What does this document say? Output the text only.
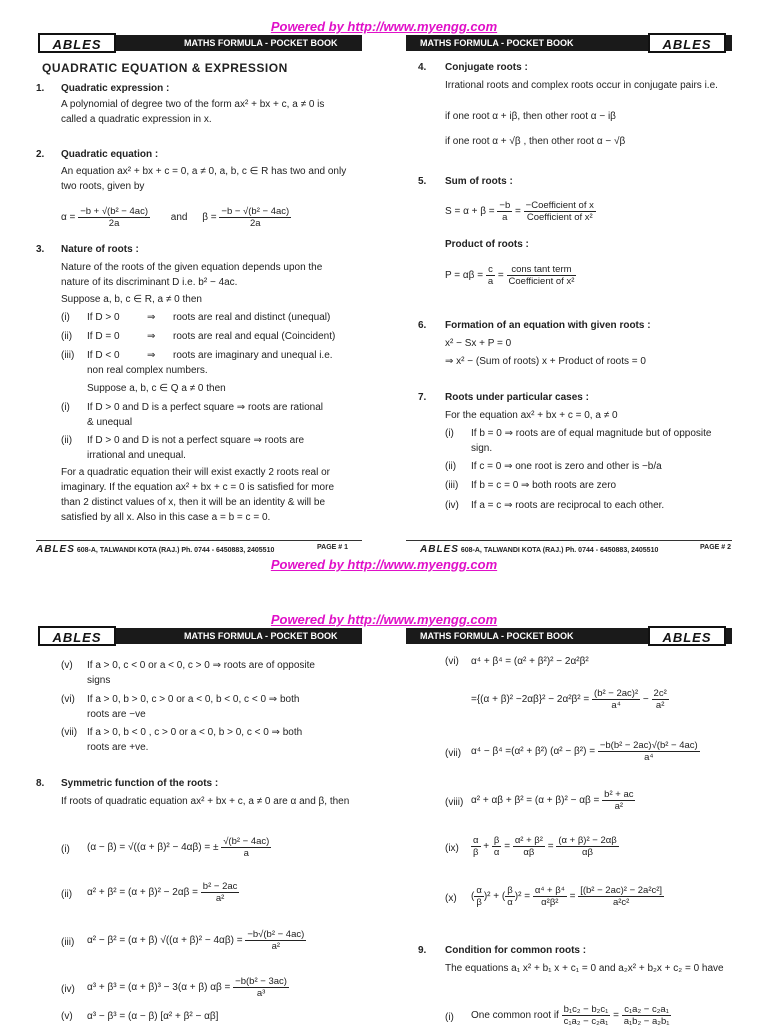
Powered by http://www.myengg.com
MATHS FORMULA - POCKET BOOK
ABLES	MATHS FORMULA - POCKET BOOK	ABLES
QUADRATIC EQUATION & EXPRESSION
1. Quadratic expression :
A polynomial of degree two of the form ax² + bx + c, a ≠ 0 is called a quadratic expression in x.
2. Quadratic equation :
An equation ax² + bx + c = 0, a ≠ 0, a, b, c ∈ R has two and only two roots, given by
$\alpha = \frac{\text{−b + √(b² − 4ac)}}{2a}$ and $\beta = \frac{\text{−b − √(b² − 4ac)}}{2a}$
3. Nature of roots :
Nature of the roots of the given equation depends upon the nature of its discriminant D i.e. b² − 4ac.
Suppose a, b, c ∈ R, a ≠ 0 then
(i) If D > 0	⇒ roots are real and distinct (unequal)
(ii) If D = 0	⇒ roots are real and equal (Coincident)
(iii) If D < 0	⇒ roots are imaginary and unequal i.e.
non real complex numbers.
Suppose a, b, c ∈ Q a ≠ 0 then
(i) If D > 0 and D is a perfect square ⇒ roots are rational
& unequal
(ii) If D > 0 and D is not a perfect square ⇒ roots are
irrational and unequal.
For a quadratic equation their will exist exactly 2 roots real or imaginary. If the equation ax² + bx + c = 0 is satisfied for more than 2 distinct values of x, then it will be an identity & will be satisfied by all x. Also in this case a = b = c = 0.
4. Conjugate roots :
Irrational roots and complex roots occur in conjugate pairs i.e.
if one root α + iβ, then other root α − iβ
if one root α + √β , then other root α − √β
5. Sum of roots :
$S = \alpha + \beta = \frac{-b}{a} = \frac{\text{−Coefficient of x}}{\text{Coefficient of x²}}$
Product of roots :
$P = \alpha\beta = \frac{c}{a} = \frac{\text{cons tant term}}{\text{Coefficient of x²}}$
6. Formation of an equation with given roots :
x² − Sx + P = 0
⇒ x² − (Sum of roots) x + Product of roots = 0
7. Roots under particular cases :
For the equation ax² + bx + c = 0, a ≠ 0
(i) If b = 0 ⇒ roots are of equal magnitude but of opposite
sign.
(ii) If c = 0 ⇒ one root is zero and other is −b/a
(iii) If b = c = 0 ⇒ both roots are zero
(iv) If a = c ⇒ roots are reciprocal to each other.
ABLES 608-A, TALWANDI KOTA (RAJ.) Ph. 0744 - 6450883, 2405510	PAGE # 1	ABLES 608-A, TALWANDI KOTA (RAJ.) Ph. 0744 - 6450883, 2405510	PAGE # 2
Powered by http://www.myengg.com
Powered by http://www.myengg.com
MATHS FORMULA - POCKET BOOK
ABLES	MATHS FORMULA - POCKET BOOK	ABLES
(v) If a > 0, c < 0 or a < 0, c > 0 ⇒ roots are of opposite
signs
(vi) If a > 0, b > 0, c > 0 or a < 0, b < 0, c < 0 ⇒ both
roots are −ve
(vii) If a > 0, b < 0 , c > 0 or a < 0, b > 0, c < 0 ⇒ both
roots are +ve.
8. Symmetric function of the roots :
If roots of quadratic equation ax² + bx + c, a ≠ 0 are α and β, then
(i) (α − β) = √((α + β)² − 4αβ) = ± $\frac{\text{√(b² − 4ac)}}{a}$
(ii) $\alpha^2 + \beta^2 = (\alpha + \beta)^2 - 2\alpha\beta = \frac{\text{b² − 2ac}}{\text{a²}}$
(iii) α² − β² = (α + β) $√((\alpha + \beta)^2 - 4\alpha\beta) = \frac{\text{−b√(b² − 4ac)}}{\text{a²}}$
(iv) α³ + β³ = (α + β)³ − 3(α + β) $\alpha\beta = \frac{\text{−b(b² − 3ac)}}{\text{a³}}$
(v) α³ − β³ = (α − β) [α² + β² − αβ]
(vi) α⁴ + β⁴ = (α² + β²)² − 2α²β²
$=\{(\alpha + \beta)^2 -2\alpha\beta\}^2 - 2\alpha^2\beta^2 = \frac{\text{(b² − 2ac)²}}{\text{a⁴}} - \frac{\text{2c²}}{\text{a²}}$
(vii) α⁴ − β⁴ =(α² + β²) $(\alpha^2 - \beta^2) = \frac{\text{−b(b² − 2ac)√(b² − 4ac)}}{\text{a⁴}}$
(viii) $\alpha^2 + \alpha\beta + \beta^2 = (\alpha + \beta)^2 - \alpha\beta = \frac{\text{b² + ac}}{\text{a²}}$
$(ix) \frac{\alpha}{\beta} + \frac{\beta}{\alpha} = \frac{\text{α² + β²}}{\alpha\beta} = \frac{\text{(α + β)² − 2αβ}}{\alpha\beta}$
(x) ( $\frac{\alpha}{\beta} )^2$ + ( $\frac{\beta}{\alpha} )^2 = \frac{\text{α⁴ + β⁴}}{\text{α²β²}} = \frac{\text{[(b² − 2ac)² − 2a²c²]}}{\text{a²c²}}$
9. Condition for common roots :
The equations a₁ x² + b₁ x + c₁ = 0 and a₂x² + b₂x + c₂ = 0 have
(i) One common root if $\frac{\text{b₁c₂ − b₂c₁}}{\text{c₁a₂ − c₂a₁}} = \frac{\text{c₁a₂ − c₂a₁}}{\text{a₁b₂ − a₂b₁}}$
